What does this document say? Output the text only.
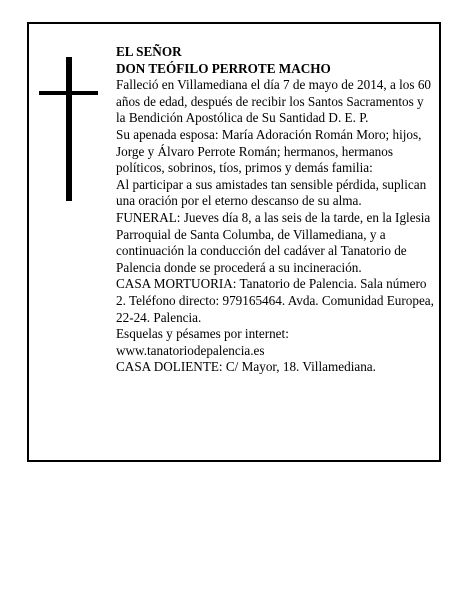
EL SEÑOR

DON TEÓFILO PERROTE MACHO

Falleció en Villamediana el día 7 de mayo de 2014, a los 60 años de edad, después de recibir los Santos Sacramentos y la Bendición Apostólica de Su Santidad D. E. P.

Su apenada esposa: María Adoración Román Moro; hijos, Jorge y Álvaro Perrote Román; hermanos, hermanos políticos, sobrinos, tíos, primos y demás familia:

Al participar a sus amistades tan sensible pérdida, suplican una oración por el eterno descanso de su alma.

FUNERAL: Jueves día 8, a las seis de la tarde, en la Iglesia Parroquial de Santa Columba, de Villamediana, y a continuación la conducción del cadáver al Tanatorio de Palencia donde se procederá a su incineración.

CASA MORTUORIA: Tanatorio de Palencia. Sala número 2. Teléfono directo: 979165464. Avda. Comunidad Europea, 22-24. Palencia.

Esquelas y pésames por internet:

www.tanatoriodepalencia.es

CASA DOLIENTE: C/ Mayor, 18. Villamediana.
